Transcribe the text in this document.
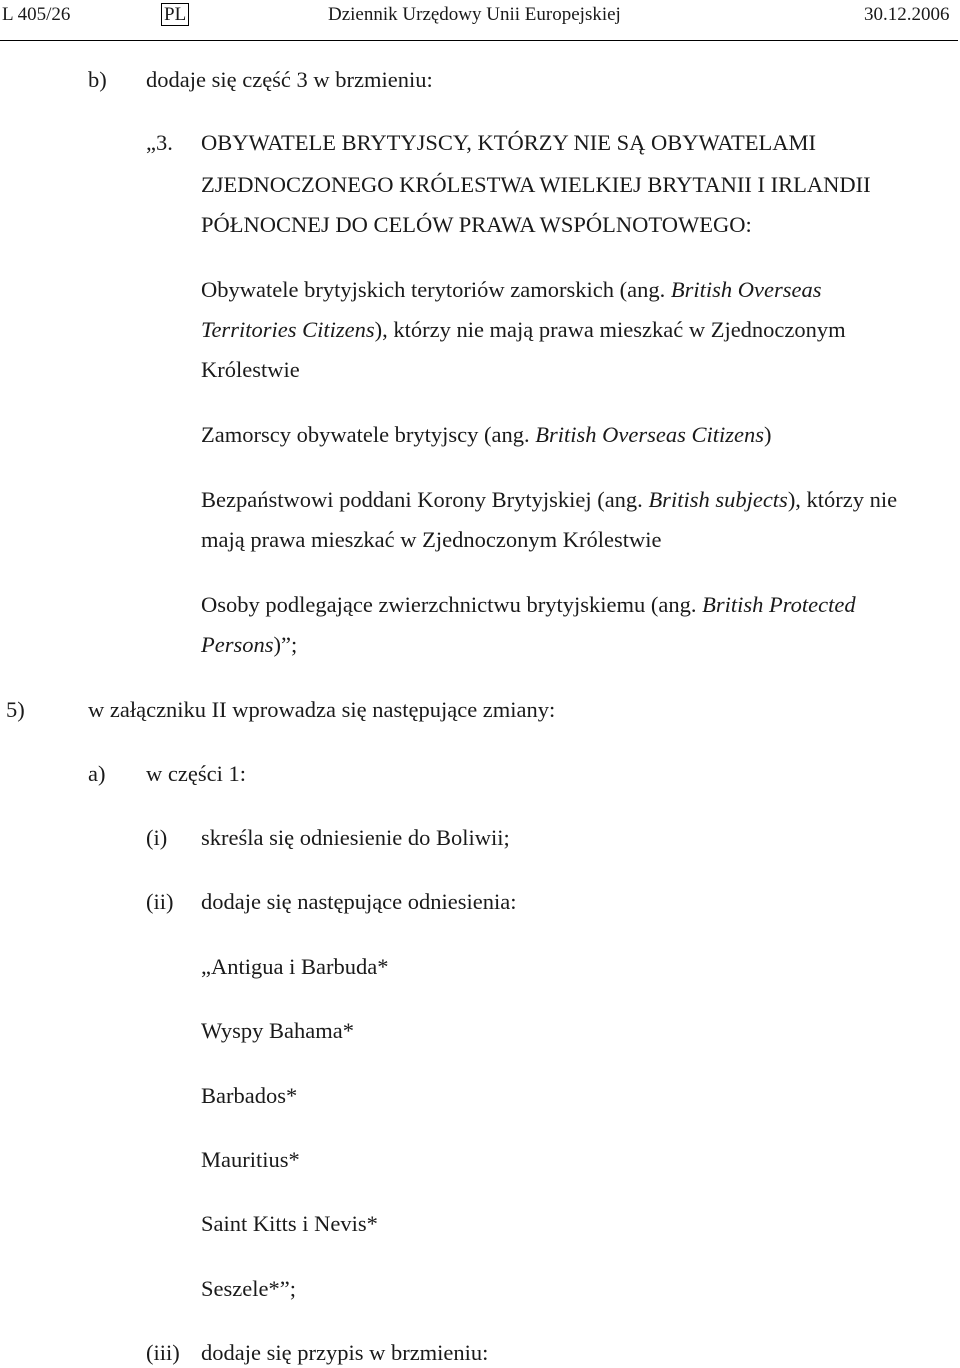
L 405/26	PL	Dziennik Urzędowy Unii Europejskiej	30.12.2006
b) dodaje się część 3 w brzmieniu:
„3. OBYWATELE BRYTYJSCY, KTÓRZY NIE SĄ OBYWATELAMI
ZJEDNOCZONEGO KRÓLESTWA WIELKIEJ BRYTANII I IRLANDII
PÓŁNOCNEJ DO CELÓW PRAWA WSPÓLNOTOWEGO:
Obywatele brytyjskich terytoriów zamorskich (ang. British Overseas
Territories Citizens), którzy nie mają prawa mieszkać w Zjednoczonym
Królestwie
Zamorscy obywatele brytyjscy (ang. British Overseas Citizens)
Bezpaństwowi poddani Korony Brytyjskiej (ang. British subjects), którzy nie
mają prawa mieszkać w Zjednoczonym Królestwie
Osoby podlegające zwierzchnictwu brytyjskiemu (ang. British Protected
Persons)”;
5)	w załączniku II wprowadza się następujące zmiany:
a) w części 1:
(i) skreśla się odniesienie do Boliwii;
(ii) dodaje się następujące odniesienia:
„Antigua i Barbuda*
Wyspy Bahama*
Barbados*
Mauritius*
Saint Kitts i Nevis*
Seszele*”;
(iii) dodaje się przypis w brzmieniu:
